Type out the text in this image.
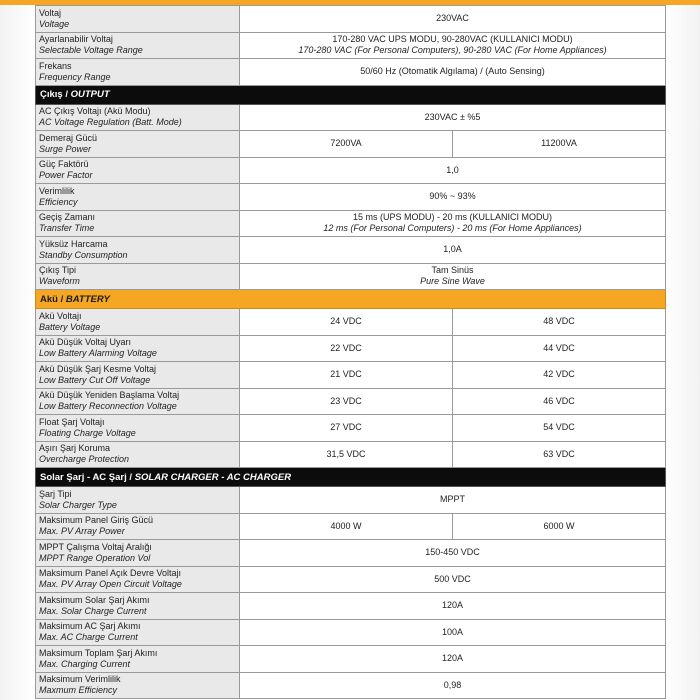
Voltaj
Voltage	230VAC	

Ayarlanabilir Voltaj
Selectable Voltage Range	170-280 VAC UPS MODU, 90-280VAC (KULLANICI MODU)
170-280 VAC (For Personal Computers), 90-280 VAC (For Home Appliances)	

Frekans
Frequency Range	50/60 Hz (Otomatik Algılama) / (Auto Sensing)	
Çıkış / OUTPUT		

AC Çıkış Voltajı (Akü Modu)
AC Voltage Regulation (Batt. Mode)	230VAC ± %5	

Demeraj Gücü
Surge Power	7200VA	11200VA

Güç Faktörü
Power Factor	1,0	

Verimlilik
Efficiency	90% ~ 93%	

Geçiş Zamanı
Transfer Time	15 ms (UPS MODU) - 20 ms (KULLANICI MODU)
12 ms (For Personal Computers) - 20 ms (For Home Appliances)	

Yüksüz Harcama
Standby Consumption	1,0A	

Çıkış Tipi
Waveform	Tam Sinüs
Pure Sine Wave	

Akü / BATTERY		

Akü Voltajı
Battery Voltage	24 VDC	48 VDC

Akü Düşük Voltaj Uyarı
Low Battery Alarming Voltage	22 VDC	44 VDC

Akü Düşük Şarj Kesme Voltaj
Low Battery Cut Off Voltage	21 VDC	42 VDC

Akü Düşük Yeniden Başlama Voltaj
Low Battery Reconnection Voltage	23 VDC	46 VDC

Float Şarj Voltajı
Floating Charge Voltage	27 VDC	54 VDC

Aşırı Şarj Koruma
Overcharge Protection	31,5 VDC	63 VDC
Solar Şarj - AC Şarj / SOLAR CHARGER - AC CHARGER		

Şarj Tipi
Solar Charger Type	MPPT	

Maksimum Panel Giriş Gücü
Max. PV Array Power	4000 W	6000 W

MPPT Çalışma Voltaj Aralığı
MPPT Range Operation Vol	150-450 VDC	

Maksimum Panel Açık Devre Voltajı
Max. PV Array Open Circuit Voltage	500 VDC	

Maksimum Solar Şarj Akımı
Max. Solar Charge Current	120A	

Maksimum AC Şarj Akımı
Max. AC Charge Current	100A	

Maksimum Toplam Şarj Akımı
Max. Charging Current	120A	

Maksimum Verimlilik
Maxmum Efficiency	0,98	
